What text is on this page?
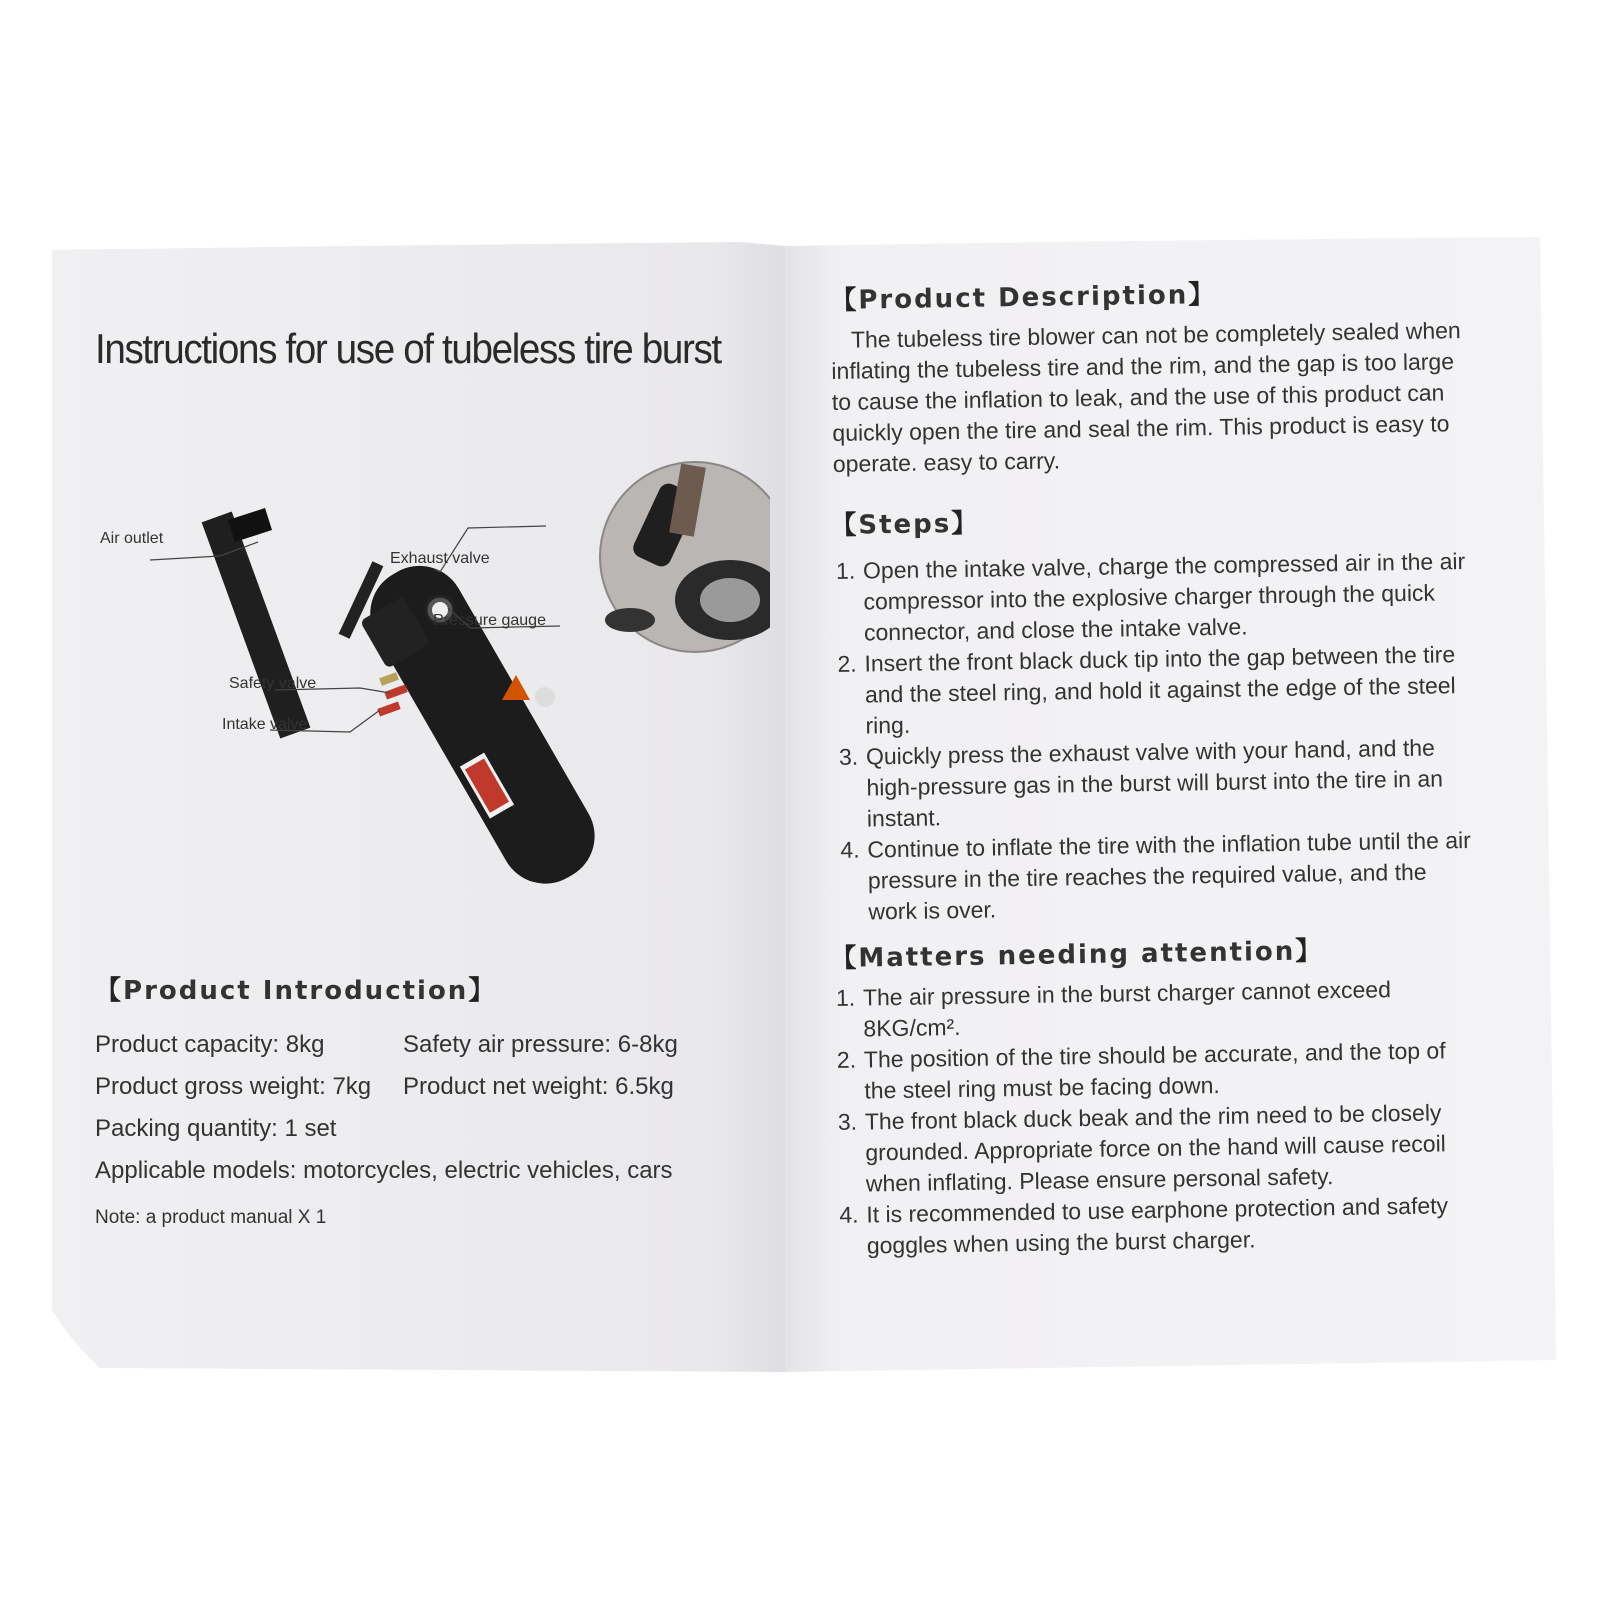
Instructions for use of tubeless tire burst
Air outlet
Exhaust valve
Pressure gauge
Safety valve
Intake valve
【Product Introduction】
Product capacity: 8kg	Safety air pressure: 6-8kg
Product gross weight: 7kg	Product net weight: 6.5kg
Packing quantity: 1 set
Applicable models: motorcycles, electric vehicles, cars
Note: a product manual X 1
【Product Description】

The tubeless tire blower can not be completely sealed when inflating the tubeless tire and the rim, and the gap is too large to cause the inflation to leak, and the use of this product can quickly open the tire and seal the rim. This product is easy to operate. easy to carry.

【Steps】
Open the intake valve, charge the compressed air in the air compressor into the explosive charger through the quick connector, and close the intake valve.
Insert the front black duck tip into the gap between the tire and the steel ring, and hold it against the edge of the steel ring.
Quickly press the exhaust valve with your hand, and the high-pressure gas in the burst will burst into the tire in an instant.
Continue to inflate the tire with the inflation tube until the air pressure in the tire reaches the required value, and the work is over.
【Matters needing attention】
The air pressure in the burst charger cannot exceed 8KG/cm².
The position of the tire should be accurate, and the top of the steel ring must be facing down.
The front black duck beak and the rim need to be closely grounded. Appropriate force on the hand will cause recoil when inflating. Please ensure personal safety.
It is recommended to use earphone protection and safety goggles when using the burst charger.
